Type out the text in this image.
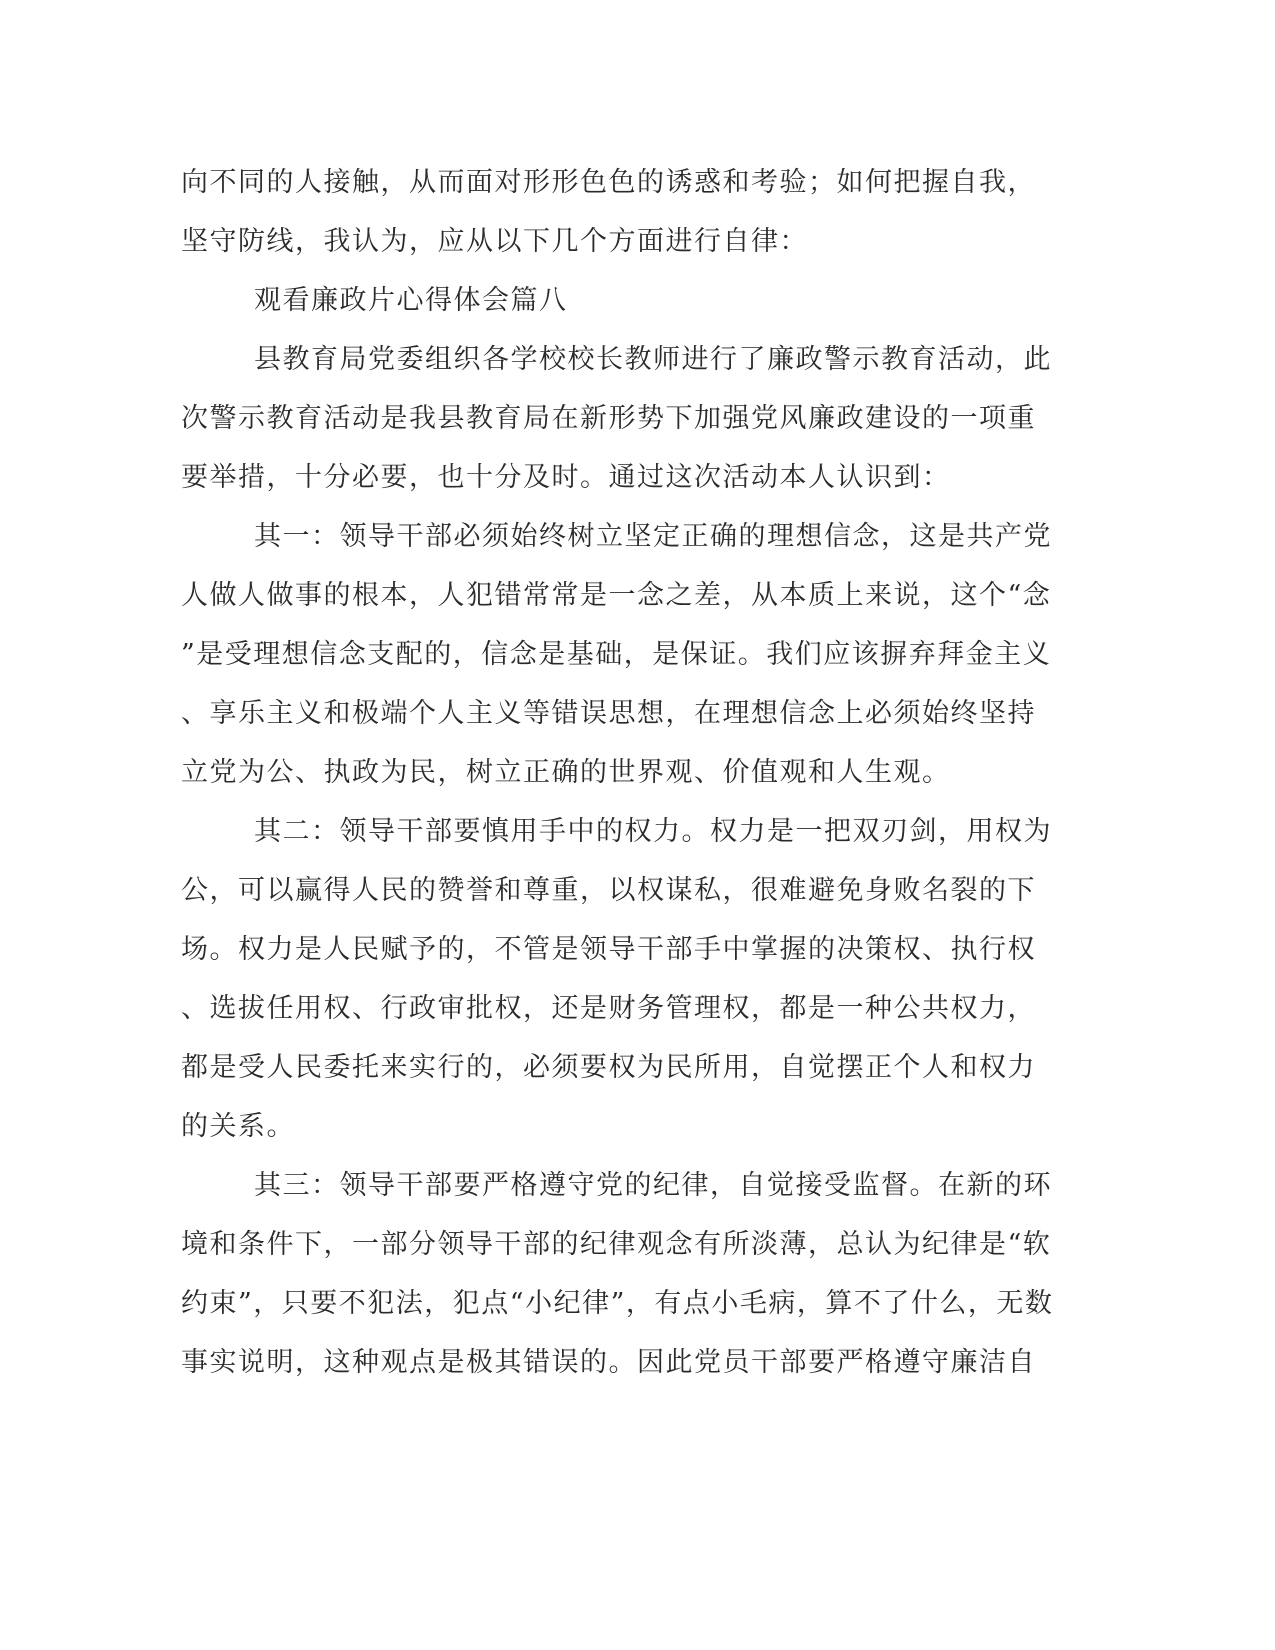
向不同的人接触，从而面对形形色色的诱惑和考验；如何把握自我，
坚守防线，我认为，应从以下几个方面进行自律：
观看廉政片心得体会篇八
县教育局党委组织各学校校长教师进行了廉政警示教育活动，此
次警示教育活动是我县教育局在新形势下加强党风廉政建设的一项重
要举措，十分必要，也十分及时。通过这次活动本人认识到：
其一：领导干部必须始终树立坚定正确的理想信念，这是共产党
人做人做事的根本，人犯错常常是一念之差，从本质上来说，这个“念
”是受理想信念支配的，信念是基础，是保证。我们应该摒弃拜金主义
、享乐主义和极端个人主义等错误思想，在理想信念上必须始终坚持
立党为公、执政为民，树立正确的世界观、价值观和人生观。
其二：领导干部要慎用手中的权力。权力是一把双刃剑，用权为
公，可以赢得人民的赞誉和尊重，以权谋私，很难避免身败名裂的下
场。权力是人民赋予的，不管是领导干部手中掌握的决策权、执行权
、选拔任用权、行政审批权，还是财务管理权，都是一种公共权力，
都是受人民委托来实行的，必须要权为民所用，自觉摆正个人和权力
的关系。
其三：领导干部要严格遵守党的纪律，自觉接受监督。在新的环
境和条件下，一部分领导干部的纪律观念有所淡薄，总认为纪律是“软
约束”，只要不犯法，犯点“小纪律”，有点小毛病，算不了什么，无数
事实说明，这种观点是极其错误的。因此党员干部要严格遵守廉洁自
